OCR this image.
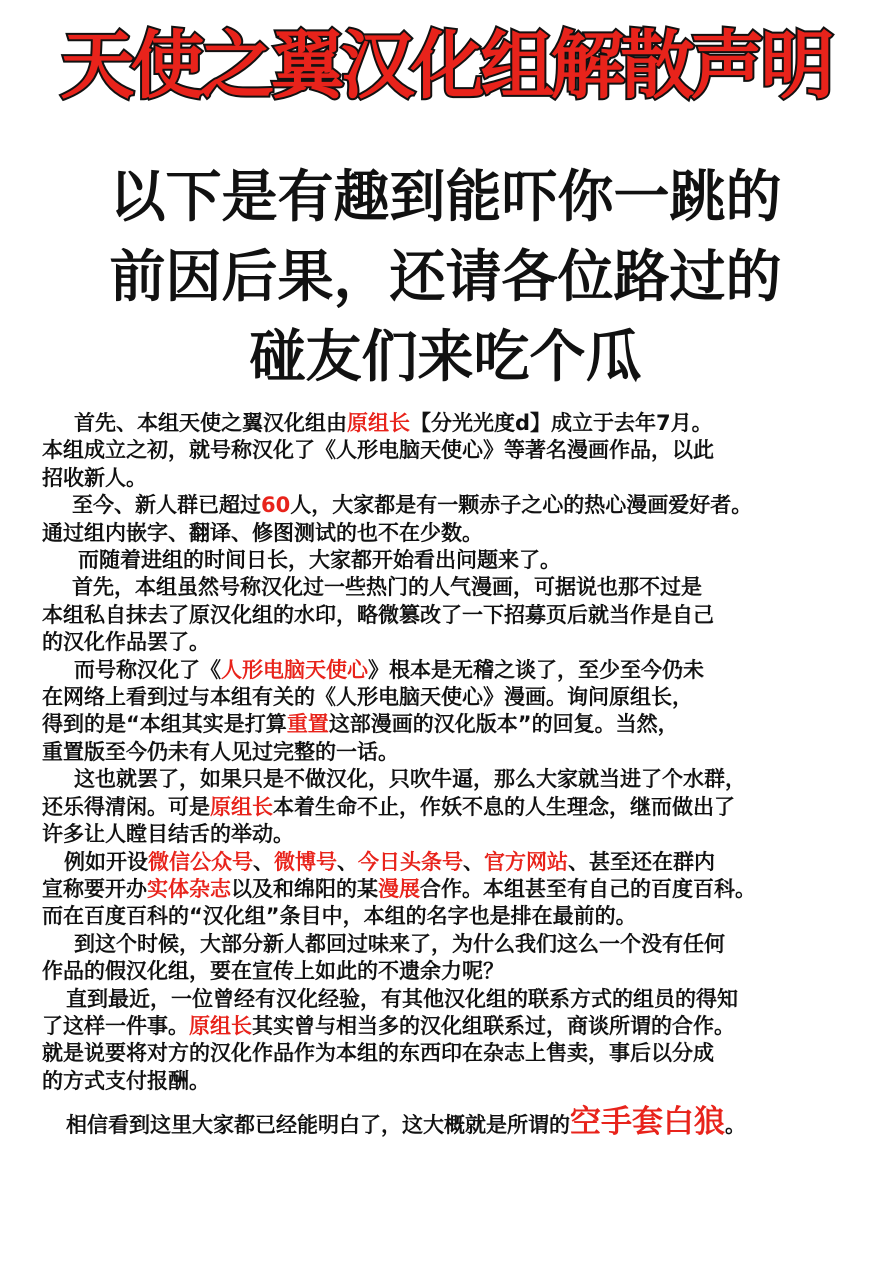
天使之翼汉化组解散声明
以下是有趣到能吓你一跳的
前因后果，还请各位路过的
碰友们来吃个瓜
首先、本组天使之翼汉化组由原组长【分光光度d】成立于去年7月。
本组成立之初，就号称汉化了《人形电脑天使心》等著名漫画作品，以此
招收新人。
至今、新人群已超过60人，大家都是有一颗赤子之心的热心漫画爱好者。
通过组内嵌字、翻译、修图测试的也不在少数。
而随着进组的时间日长，大家都开始看出问题来了。
首先，本组虽然号称汉化过一些热门的人气漫画，可据说也那不过是
本组私自抹去了原汉化组的水印，略微篡改了一下招募页后就当作是自己
的汉化作品罢了。
而号称汉化了《人形电脑天使心》根本是无稽之谈了，至少至今仍未
在网络上看到过与本组有关的《人形电脑天使心》漫画。询问原组长，
得到的是“本组其实是打算重置这部漫画的汉化版本”的回复。当然，
重置版至今仍未有人见过完整的一话。
这也就罢了，如果只是不做汉化，只吹牛逼，那么大家就当进了个水群，
还乐得清闲。可是原组长本着生命不止，作妖不息的人生理念，继而做出了
许多让人瞠目结舌的举动。
例如开设微信公众号、微博号、今日头条号、官方网站、甚至还在群内
宣称要开办实体杂志以及和绵阳的某漫展合作。本组甚至有自己的百度百科。
而在百度百科的“汉化组”条目中，本组的名字也是排在最前的。
到这个时候，大部分新人都回过味来了，为什么我们这么一个没有任何
作品的假汉化组，要在宣传上如此的不遗余力呢？
直到最近，一位曾经有汉化经验，有其他汉化组的联系方式的组员的得知
了这样一件事。原组长其实曾与相当多的汉化组联系过，商谈所谓的合作。
就是说要将对方的汉化作品作为本组的东西印在杂志上售卖，事后以分成
的方式支付报酬。
相信看到这里大家都已经能明白了，这大概就是所谓的空手套白狼。
